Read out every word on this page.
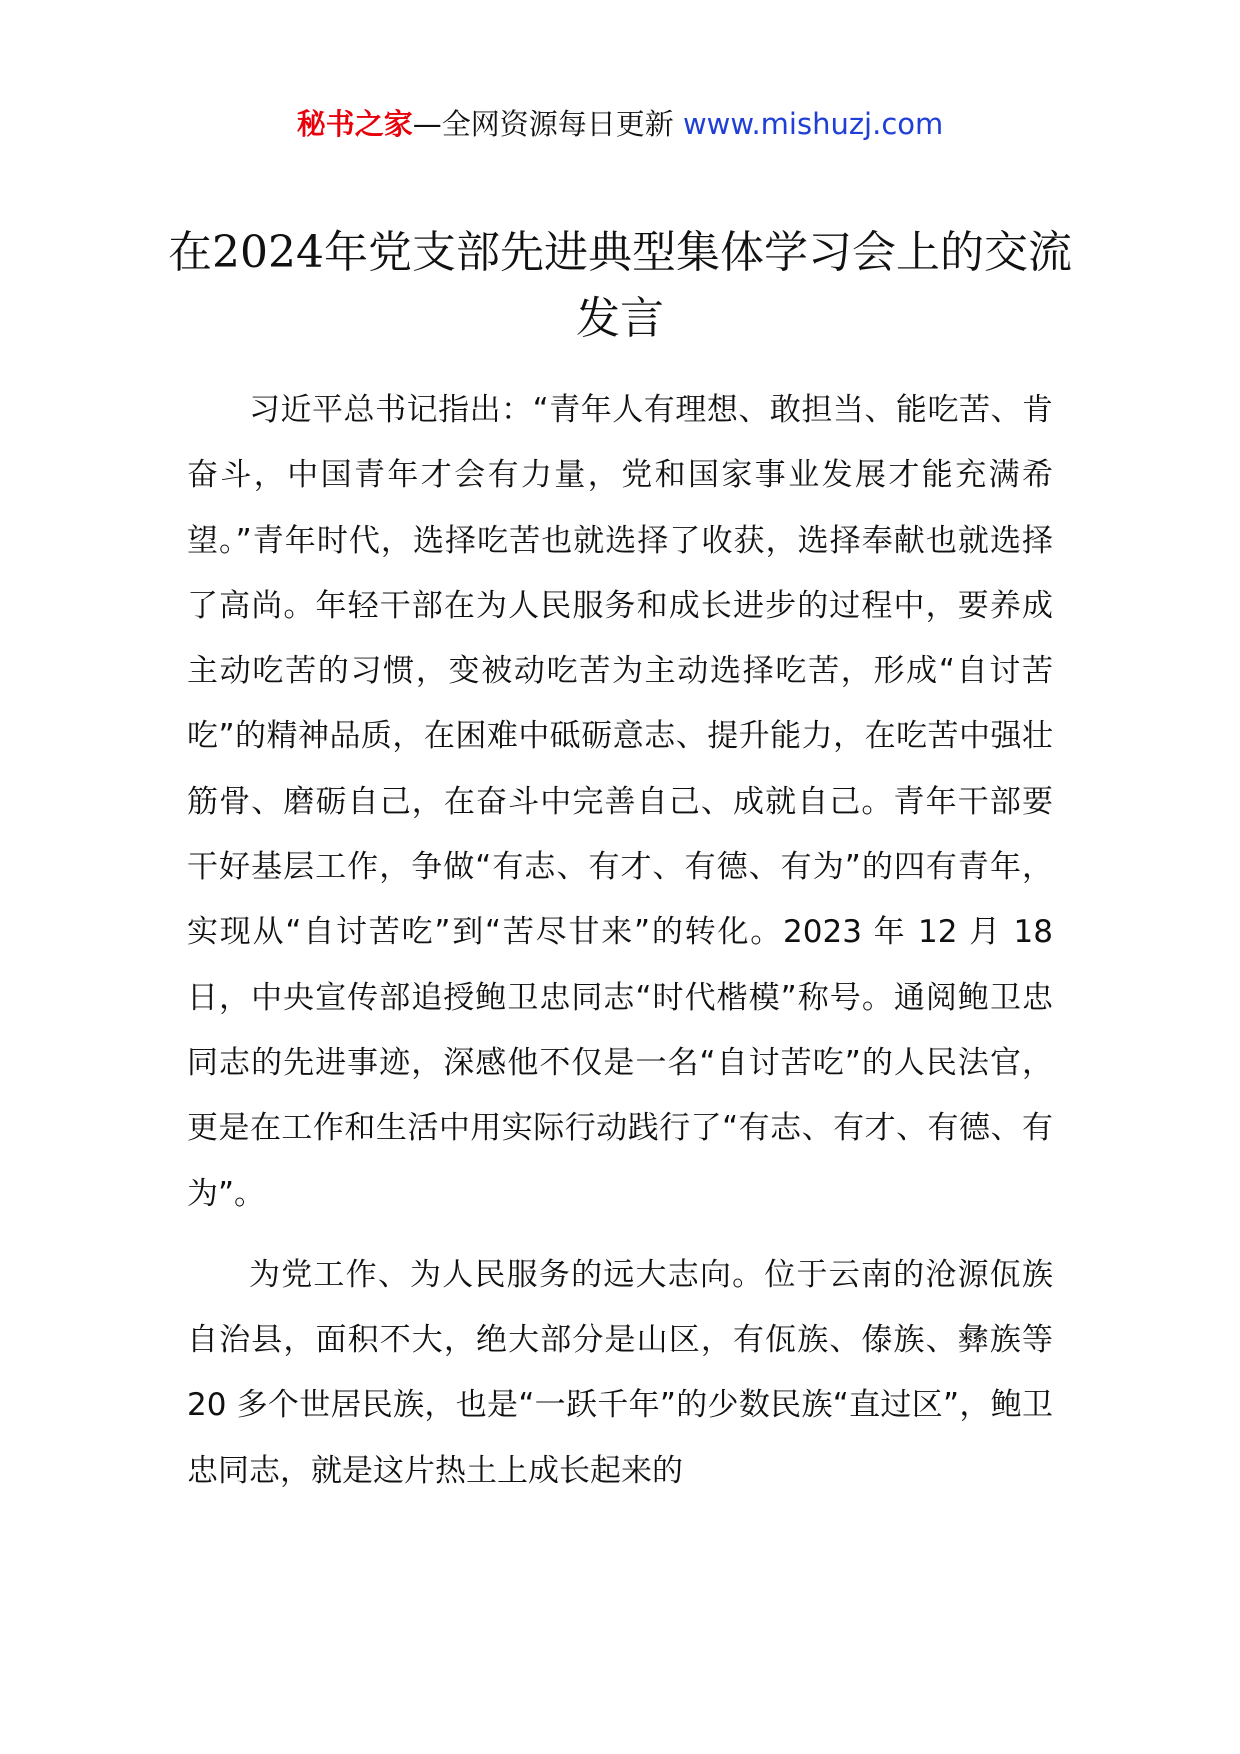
秘书之家—全网资源每日更新 www.mishuzj.com
在2024年党支部先进典型集体学习会上的交流发言

习近平总书记指出：“青年人有理想、敢担当、能吃苦、肯奋斗，中国青年才会有力量，党和国家事业发展才能充满希望。”青年时代，选择吃苦也就选择了收获，选择奉献也就选择了高尚。年轻干部在为人民服务和成长进步的过程中，要养成主动吃苦的习惯，变被动吃苦为主动选择吃苦，形成“自讨苦吃”的精神品质，在困难中砥砺意志、提升能力，在吃苦中强壮筋骨、磨砺自己，在奋斗中完善自己、成就自己。青年干部要干好基层工作，争做“有志、有才、有德、有为”的四有青年，实现从“自讨苦吃”到“苦尽甘来”的转化。2023 年 12 月 18 日，中央宣传部追授鲍卫忠同志“时代楷模”称号。通阅鲍卫忠同志的先进事迹，深感他不仅是一名“自讨苦吃”的人民法官，更是在工作和生活中用实际行动践行了“有志、有才、有德、有为”。

为党工作、为人民服务的远大志向。位于云南的沧源佤族自治县，面积不大，绝大部分是山区，有佤族、傣族、彝族等 20 多个世居民族，也是“一跃千年”的少数民族“直过区”，鲍卫忠同志，就是这片热土上成长起来的
